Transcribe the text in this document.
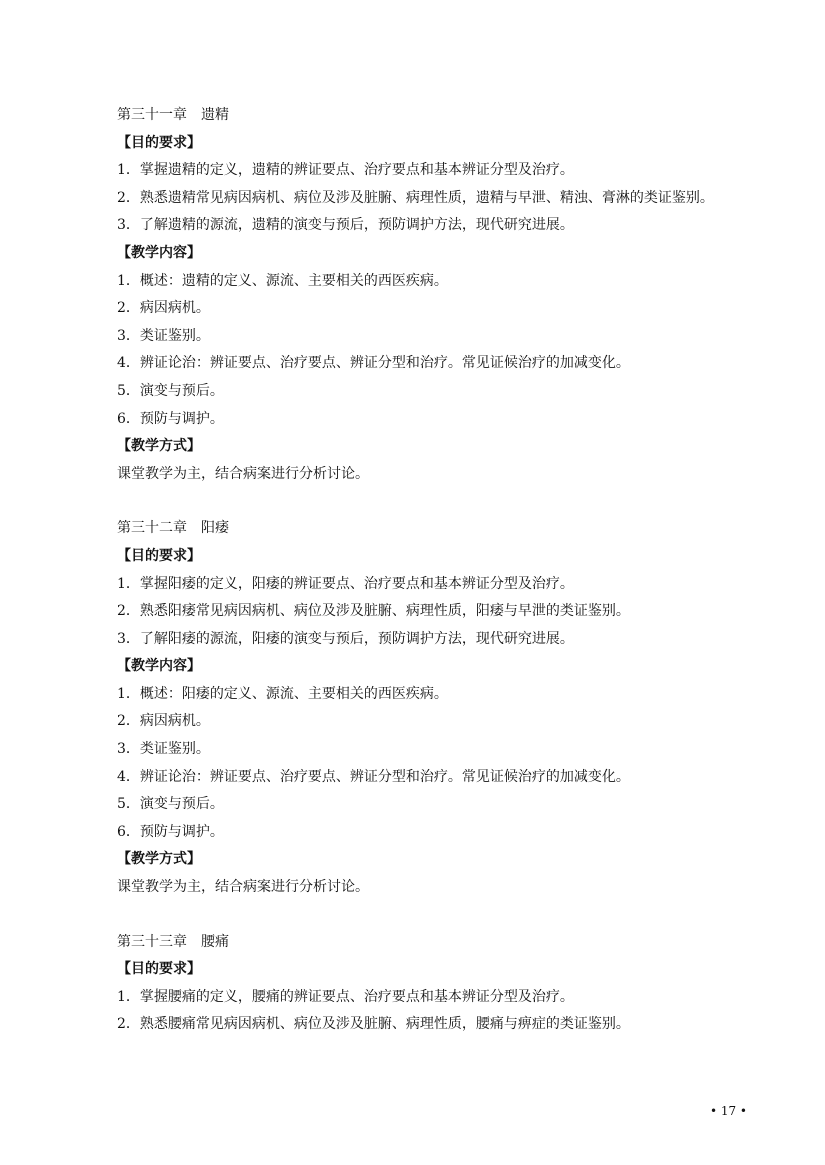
第三十一章　遗精

【目的要求】

1．掌握遗精的定义，遗精的辨证要点、治疗要点和基本辨证分型及治疗。

2．熟悉遗精常见病因病机、病位及涉及脏腑、病理性质，遗精与早泄、精浊、膏淋的类证鉴别。

3．了解遗精的源流，遗精的演变与预后，预防调护方法，现代研究进展。

【教学内容】

1．概述：遗精的定义、源流、主要相关的西医疾病。

2．病因病机。

3．类证鉴别。

4．辨证论治：辨证要点、治疗要点、辨证分型和治疗。常见证候治疗的加减变化。

5．演变与预后。

6．预防与调护。

【教学方式】

课堂教学为主，结合病案进行分析讨论。

第三十二章　阳痿

【目的要求】

1．掌握阳痿的定义，阳痿的辨证要点、治疗要点和基本辨证分型及治疗。

2．熟悉阳痿常见病因病机、病位及涉及脏腑、病理性质，阳痿与早泄的类证鉴别。

3．了解阳痿的源流，阳痿的演变与预后，预防调护方法，现代研究进展。

【教学内容】

1．概述：阳痿的定义、源流、主要相关的西医疾病。

2．病因病机。

3．类证鉴别。

4．辨证论治：辨证要点、治疗要点、辨证分型和治疗。常见证候治疗的加减变化。

5．演变与预后。

6．预防与调护。

【教学方式】

课堂教学为主，结合病案进行分析讨论。

第三十三章　腰痛

【目的要求】

1．掌握腰痛的定义，腰痛的辨证要点、治疗要点和基本辨证分型及治疗。

2．熟悉腰痛常见病因病机、病位及涉及脏腑、病理性质，腰痛与痹症的类证鉴别。

• 17 •
